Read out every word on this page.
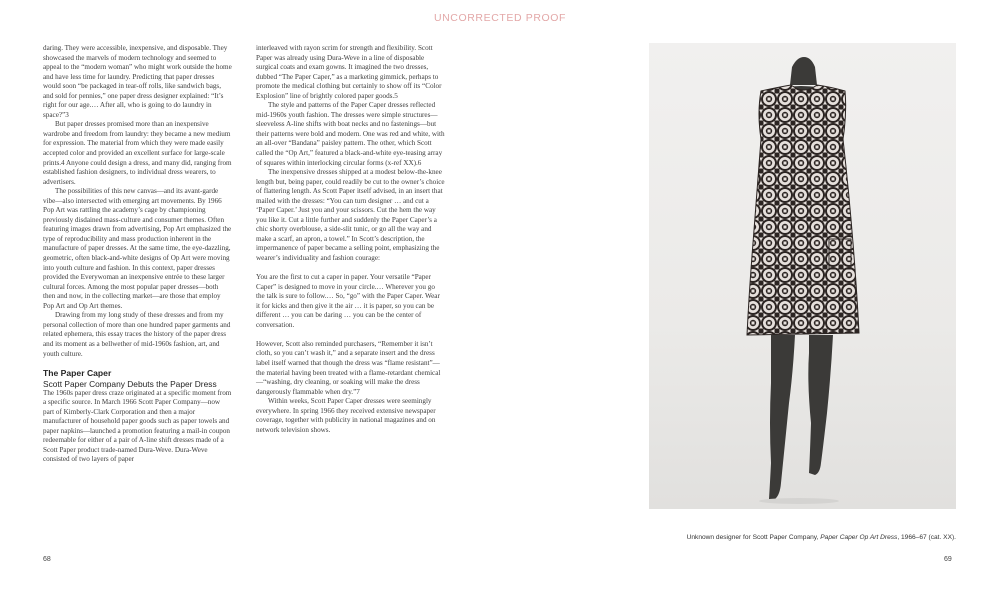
UNCORRECTED PROOF

daring. They were accessible, inexpensive, and disposable. They showcased the marvels of modern technology and seemed to appeal to the “modern woman” who might work outside the home and have less time for laundry. Predicting that paper dresses would soon “be packaged in tear-off rolls, like sandwich bags, and sold for pennies,” one paper dress designer explained: “It’s right for our age.… After all, who is going to do laundry in space?”3

But paper dresses promised more than an inexpensive wardrobe and freedom from laundry: they became a new medium for expression. The material from which they were made easily accepted color and provided an excellent surface for large-scale prints.4 Anyone could design a dress, and many did, ranging from established fashion designers, to individual dress wearers, to advertisers.

The possibilities of this new canvas—and its avant-garde vibe—also intersected with emerging art movements. By 1966 Pop Art was rattling the academy’s cage by championing previously disdained mass-culture and consumer themes. Often featuring images drawn from advertising, Pop Art emphasized the type of reproducibility and mass production inherent in the manufacture of paper dresses. At the same time, the eye-dazzling, geometric, often black-and-white designs of Op Art were moving into youth culture and fashion. In this context, paper dresses provided the Everywoman an inexpensive entrée to these larger cultural forces. Among the most popular paper dresses—both then and now, in the collecting market—are those that employ Pop Art and Op Art themes.

Drawing from my long study of these dresses and from my personal collection of more than one hundred paper garments and related ephemera, this essay traces the history of the paper dress and its moment as a bellwether of mid-1960s fashion, art, and youth culture.

The Paper Caper

Scott Paper Company Debuts the Paper Dress

The 1960s paper dress craze originated at a specific moment from a specific source. In March 1966 Scott Paper Company—now part of Kimberly-Clark Corporation and then a major manufacturer of household paper goods such as paper towels and paper napkins—launched a promotion featuring a mail-in coupon redeemable for either of a pair of A-line shift dresses made of a Scott Paper product trade-named Dura-Weve. Dura-Weve consisted of two layers of paper

interleaved with rayon scrim for strength and flexibility. Scott Paper was already using Dura-Weve in a line of disposable surgical coats and exam gowns. It imagined the two dresses, dubbed “The Paper Caper,” as a marketing gimmick, perhaps to promote the medical clothing but certainly to show off its “Color Explosion” line of brightly colored paper goods.5

The style and patterns of the Paper Caper dresses reflected mid-1960s youth fashion. The dresses were simple structures—sleeveless A-line shifts with boat necks and no fastenings—but their patterns were bold and modern. One was red and white, with an all-over “Bandana” paisley pattern. The other, which Scott called the “Op Art,” featured a black-and-white eye-teasing array of squares within interlocking circular forms (x-ref XX).6

The inexpensive dresses shipped at a modest below-the-knee length but, being paper, could readily be cut to the owner’s choice of flattering length. As Scott Paper itself advised, in an insert that mailed with the dresses: “You can turn designer … and cut a ‘Paper Caper.’ Just you and your scissors. Cut the hem the way you like it. Cut a little further and suddenly the Paper Caper’s a chic shorty overblouse, a side-slit tunic, or go all the way and make a scarf, an apron, a towel.” In Scott’s description, the impermanence of paper became a selling point, emphasizing the wearer’s individuality and fashion courage:

You are the first to cut a caper in paper. Your versatile “Paper Caper” is designed to move in your circle.… Wherever you go the talk is sure to follow.… So, “go” with the Paper Caper. Wear it for kicks and then give it the air … it is paper, so you can be different … you can be daring … you can be the center of conversation.

However, Scott also reminded purchasers, “Remember it isn’t cloth, so you can’t wash it,” and a separate insert and the dress label itself warned that though the dress was “flame resistant”—the material having been treated with a flame-retardant chemical—“washing, dry cleaning, or soaking will make the dress dangerously flammable when dry.”7

Within weeks, Scott Paper Caper dresses were seemingly everywhere. In spring 1966 they received extensive newspaper coverage, together with publicity in national magazines and on network television shows.

68
Unknown designer for Scott Paper Company, Paper Caper Op Art Dress, 1966–67 (cat. XX).
69
